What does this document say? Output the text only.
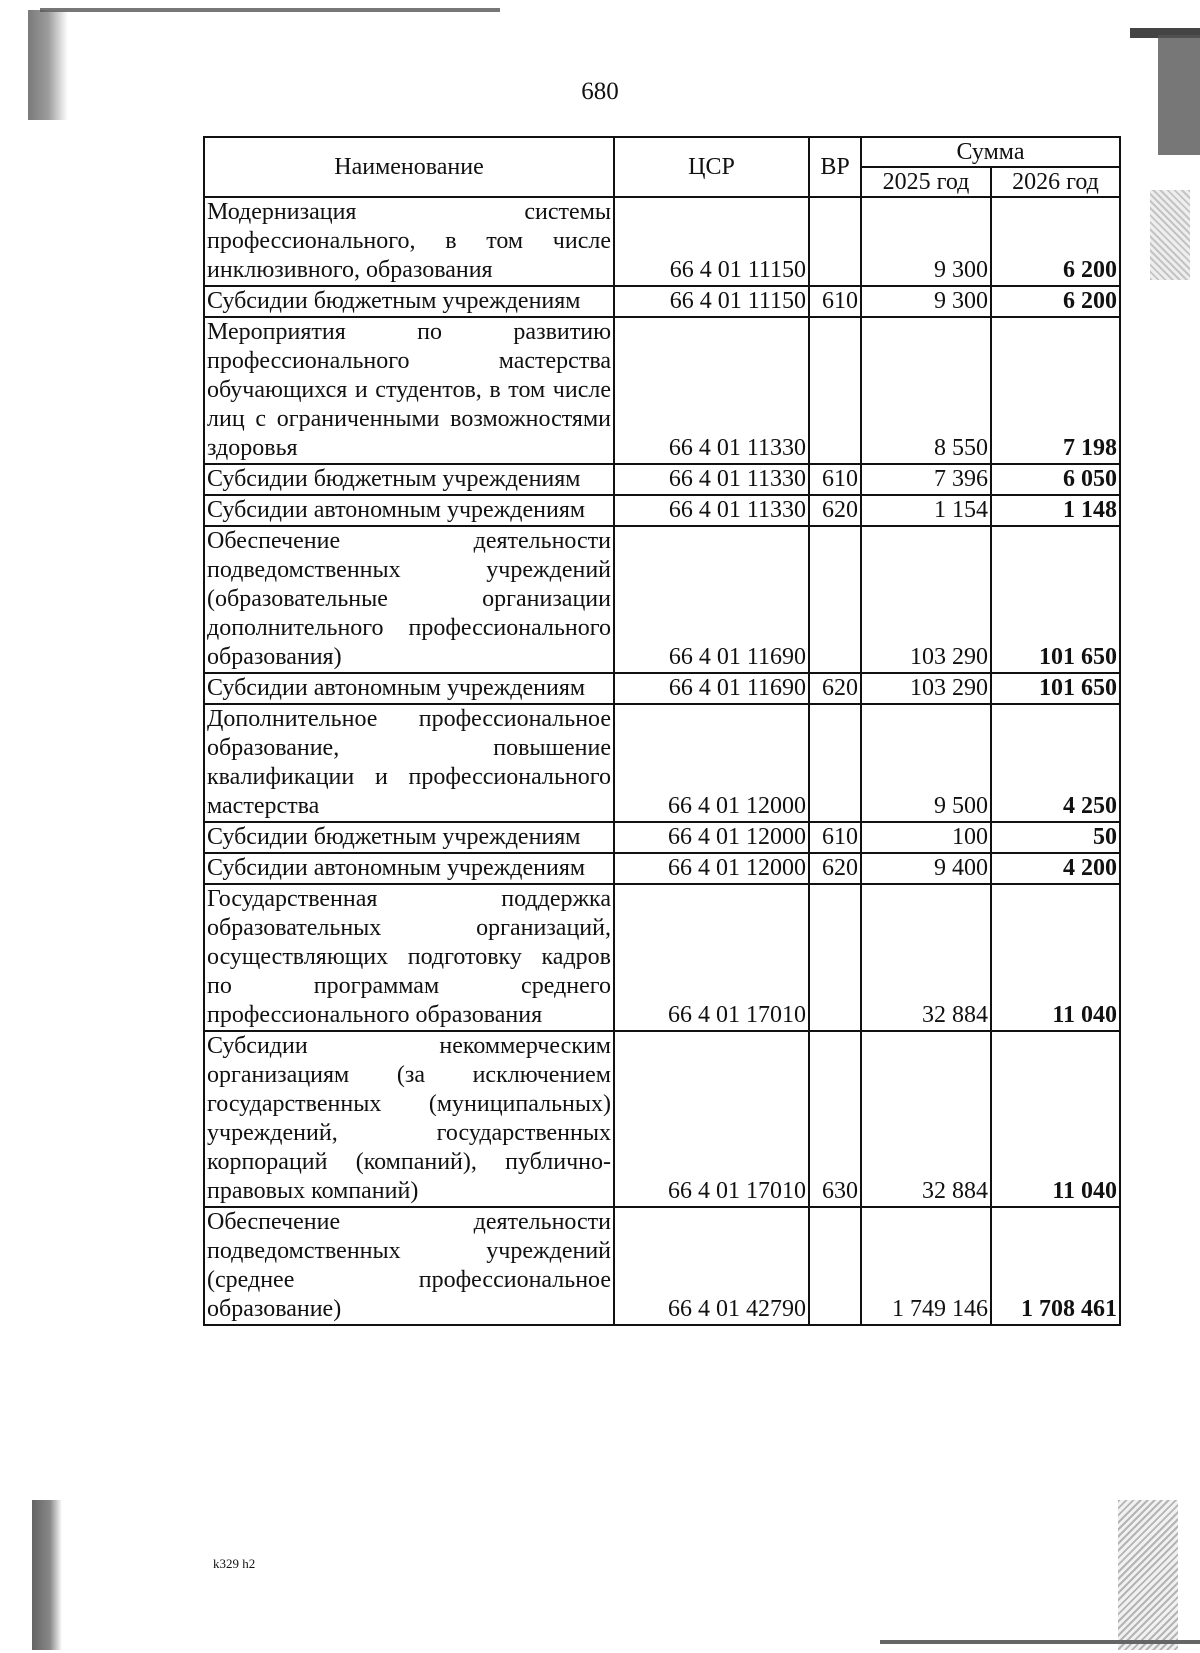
680
Наименование	ЦСР	ВР	Сумма	
			2025 год	2026 год
Модернизация системы профессионального, в том числе инклюзивного, образования	66 4 01 11150		9 300	6 200
Субсидии бюджетным учреждениям	66 4 01 11150	610	9 300	6 200
Мероприятия по развитию профессионального мастерства обучающихся и студентов, в том числе лиц с ограниченными возможностями здоровья	66 4 01 11330		8 550	7 198
Субсидии бюджетным учреждениям	66 4 01 11330	610	7 396	6 050
Субсидии автономным учреждениям	66 4 01 11330	620	1 154	1 148
Обеспечение деятельности подведомственных учреждений (образовательные организации дополнительного профессионального образования)	66 4 01 11690		103 290	101 650
Субсидии автономным учреждениям	66 4 01 11690	620	103 290	101 650
Дополнительное профессиональное образование, повышение квалификации и профессионального мастерства	66 4 01 12000		9 500	4 250
Субсидии бюджетным учреждениям	66 4 01 12000	610	100	50
Субсидии автономным учреждениям	66 4 01 12000	620	9 400	4 200
Государственная поддержка образовательных организаций, осуществляющих подготовку кадров по программам среднего профессионального образования	66 4 01 17010		32 884	11 040
Субсидии некоммерческим организациям (за исключением государственных (муниципальных) учреждений, государственных корпораций (компаний), публично-правовых компаний)	66 4 01 17010	630	32 884	11 040
Обеспечение деятельности подведомственных учреждений (среднее профессиональное образование)	66 4 01 42790		1 749 146	1 708 461
k329 h2
